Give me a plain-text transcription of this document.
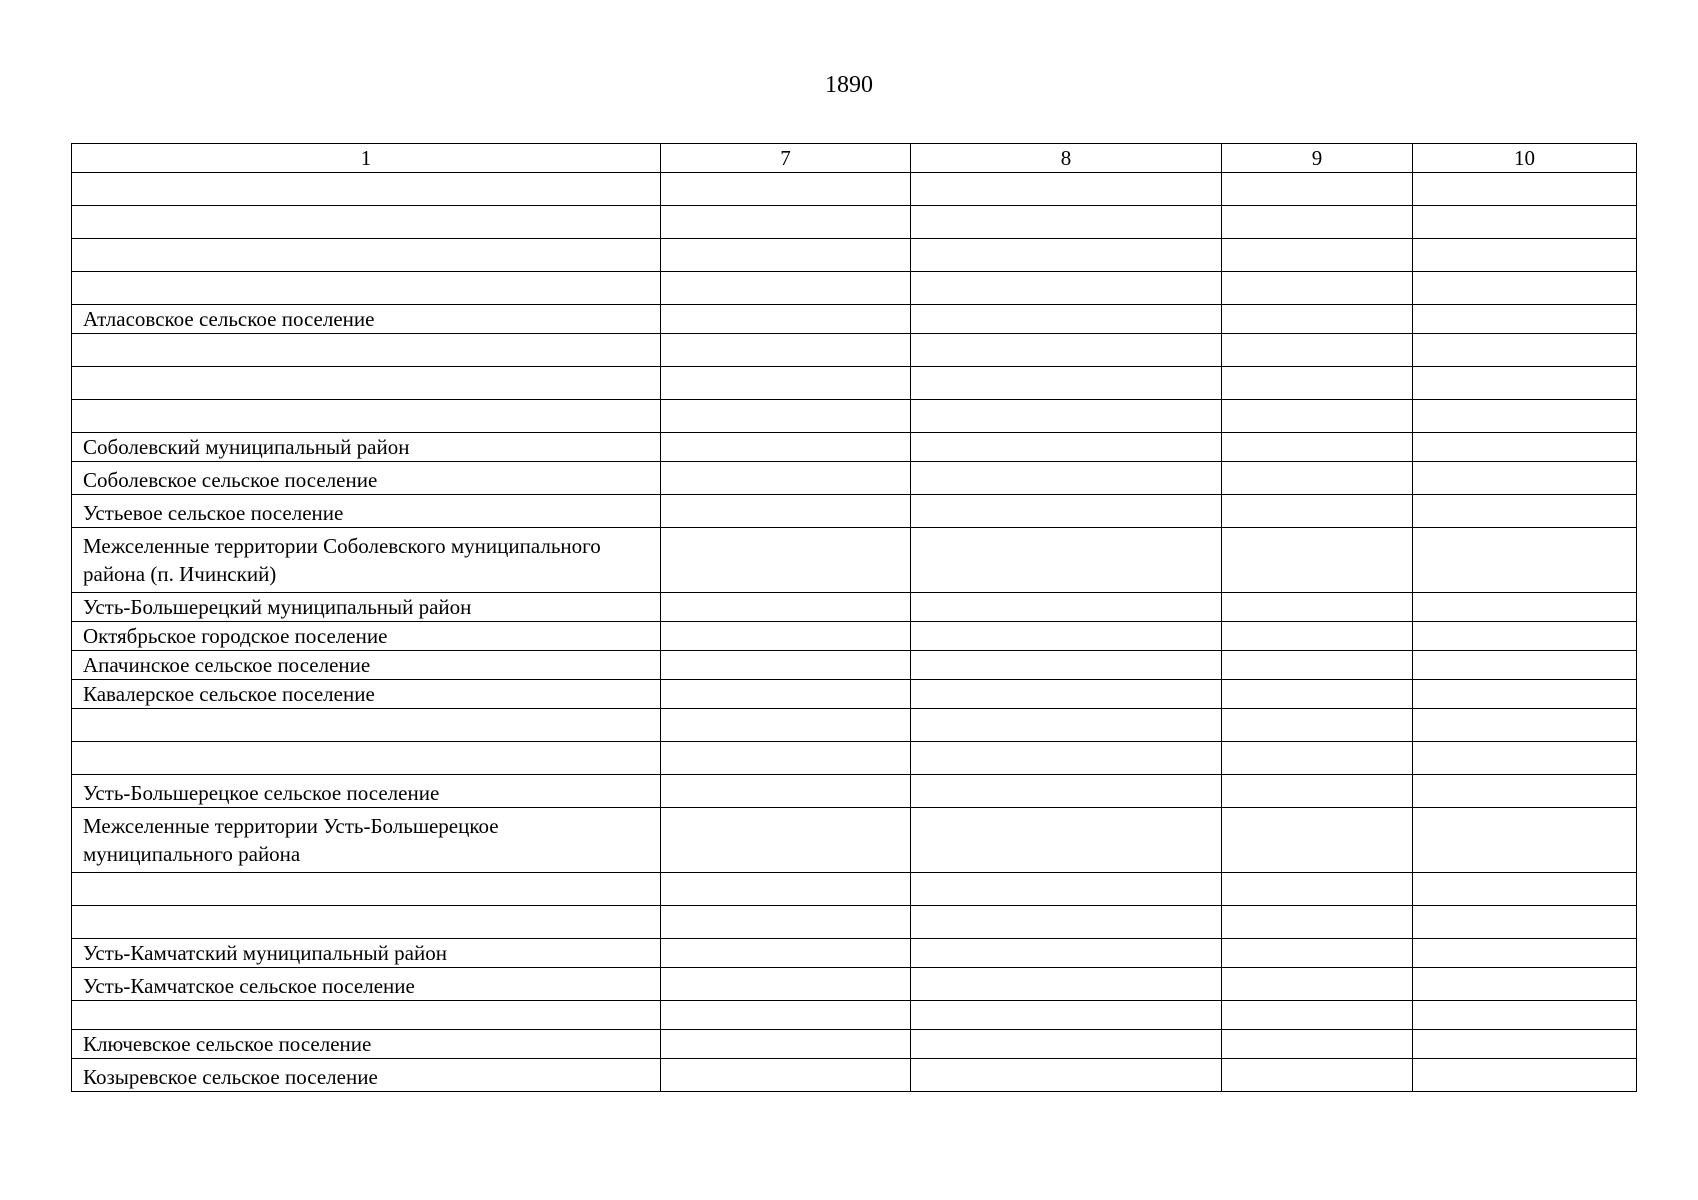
1890
1	7	8	9	10

Атласовское сельское поселение				

Соболевский муниципальный район				
Соболевское сельское поселение				
Устьевое сельское поселение				
Межселенные территории Соболевского муниципального района (п. Ичинский)				
Усть-Большерецкий муниципальный район				
Октябрьское городское поселение				
Апачинское сельское поселение				
Кавалерское сельское поселение				

Усть-Большерецкое сельское поселение				
Межселенные территории Усть-Большерецкое муниципального района				

Усть-Камчатский муниципальный район				
Усть-Камчатское сельское поселение				

Ключевское сельское поселение				
Козыревское сельское поселение				
